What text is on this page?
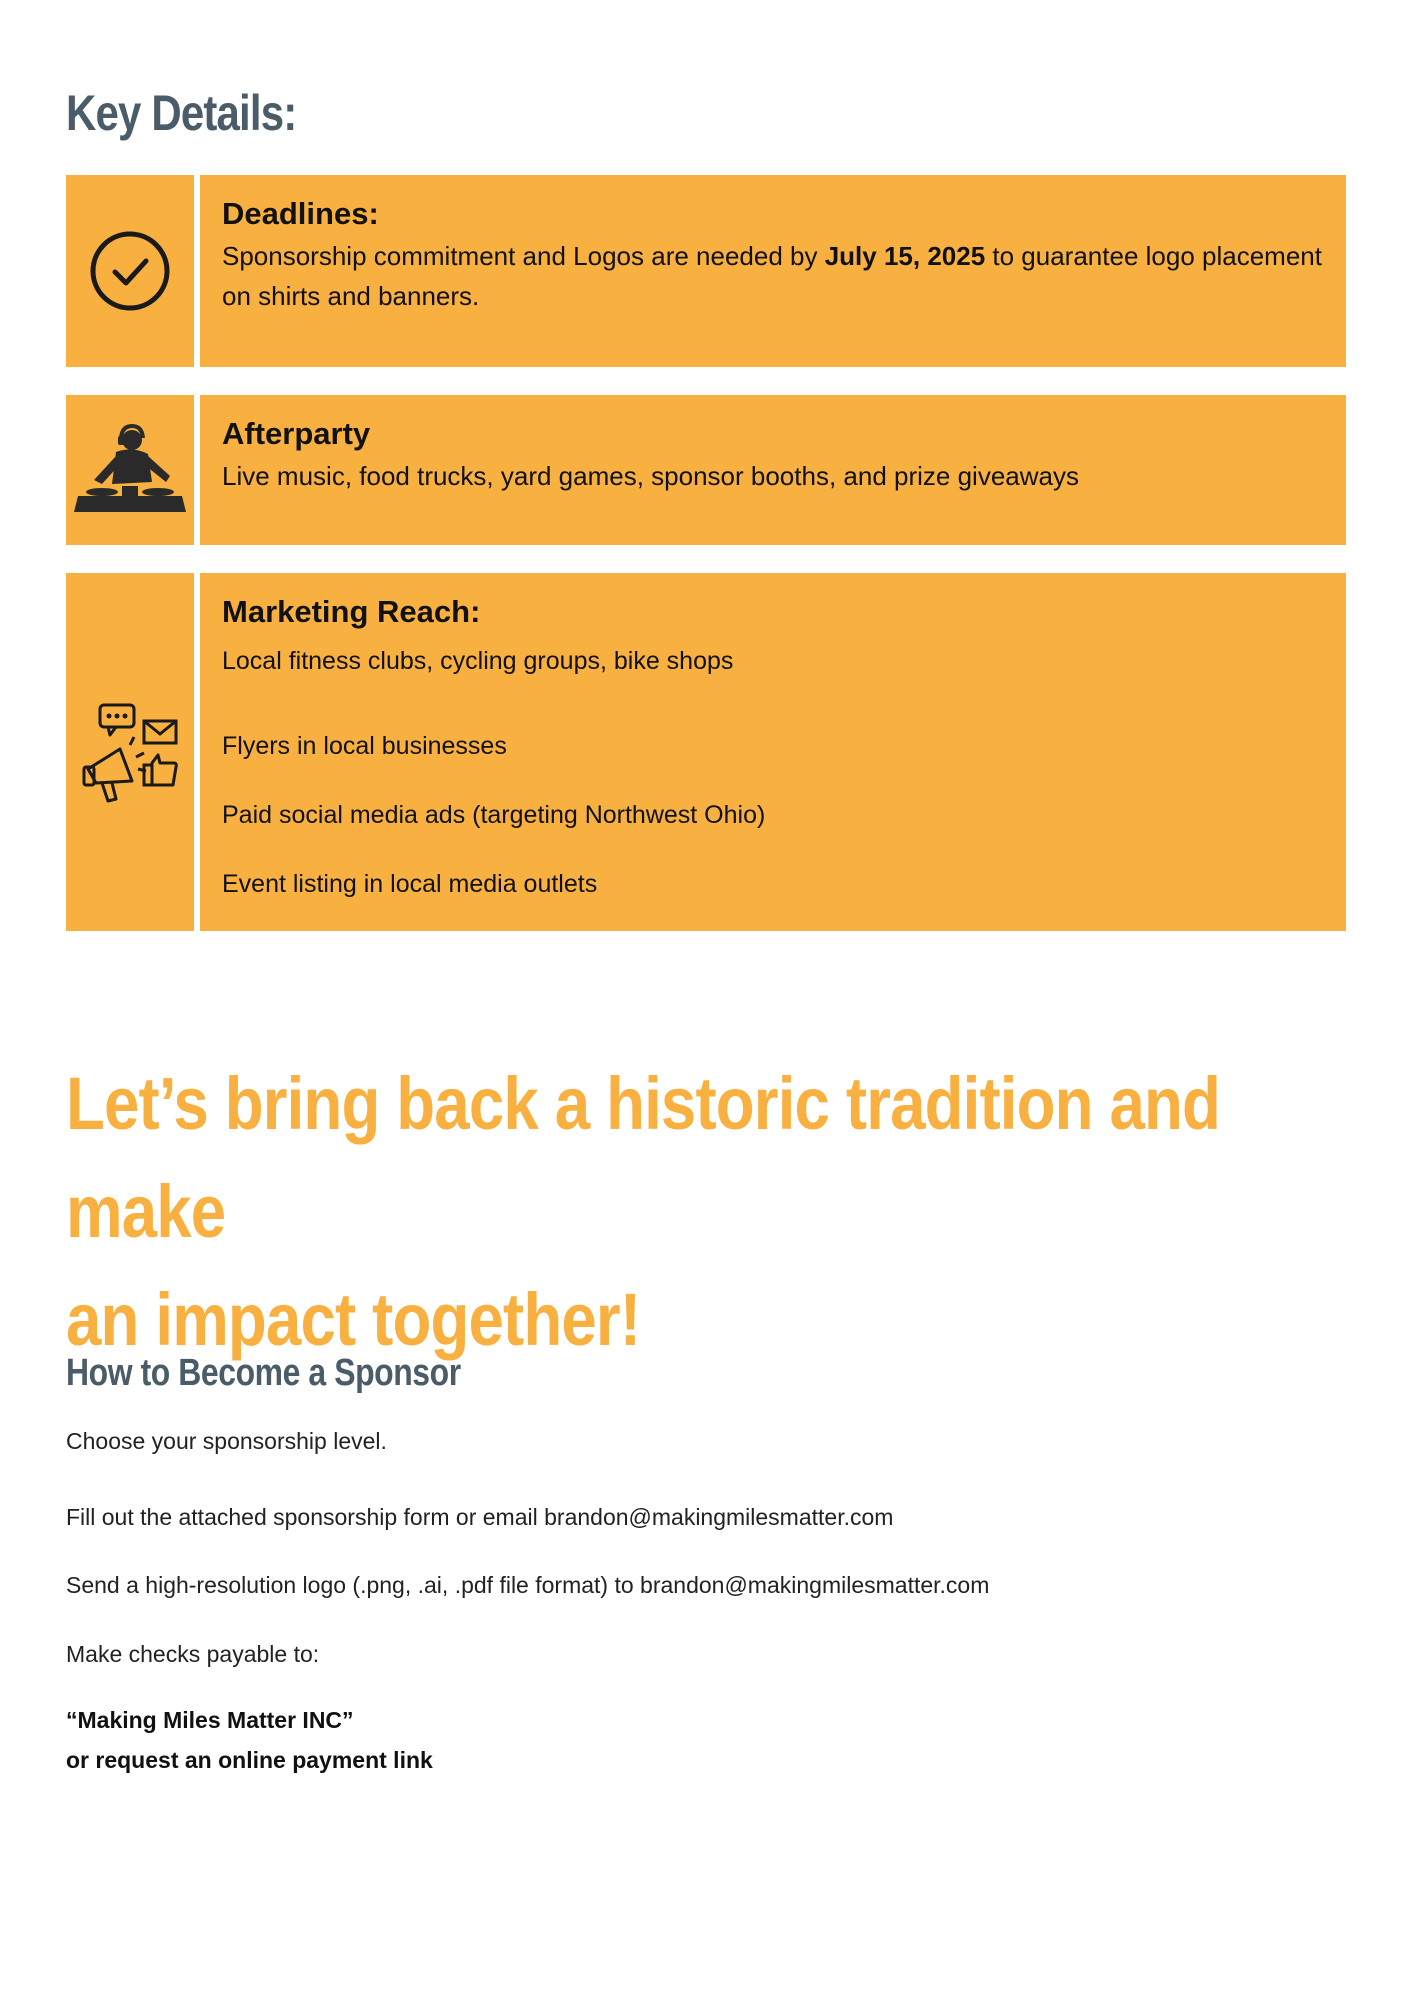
Key Details:
Deadlines:

Sponsorship commitment and Logos are needed by July 15, 2025 to guarantee logo placement on shirts and banners.

Afterparty

Live music, food trucks, yard games, sponsor booths, and prize giveaways

Marketing Reach:
Local fitness clubs, cycling groups, bike shops
Flyers in local businesses
Paid social media ads (targeting Northwest Ohio)
Event listing in local media outlets
Let’s bring back a historic tradition and make
an impact together!
How to Become a Sponsor

Choose your sponsorship level.

Fill out the attached sponsorship form or email brandon@makingmilesmatter.com

Send a high-resolution logo (.png, .ai, .pdf file format) to brandon@makingmilesmatter.com

Make checks payable to:

“Making Miles Matter INC”
or request an online payment link
